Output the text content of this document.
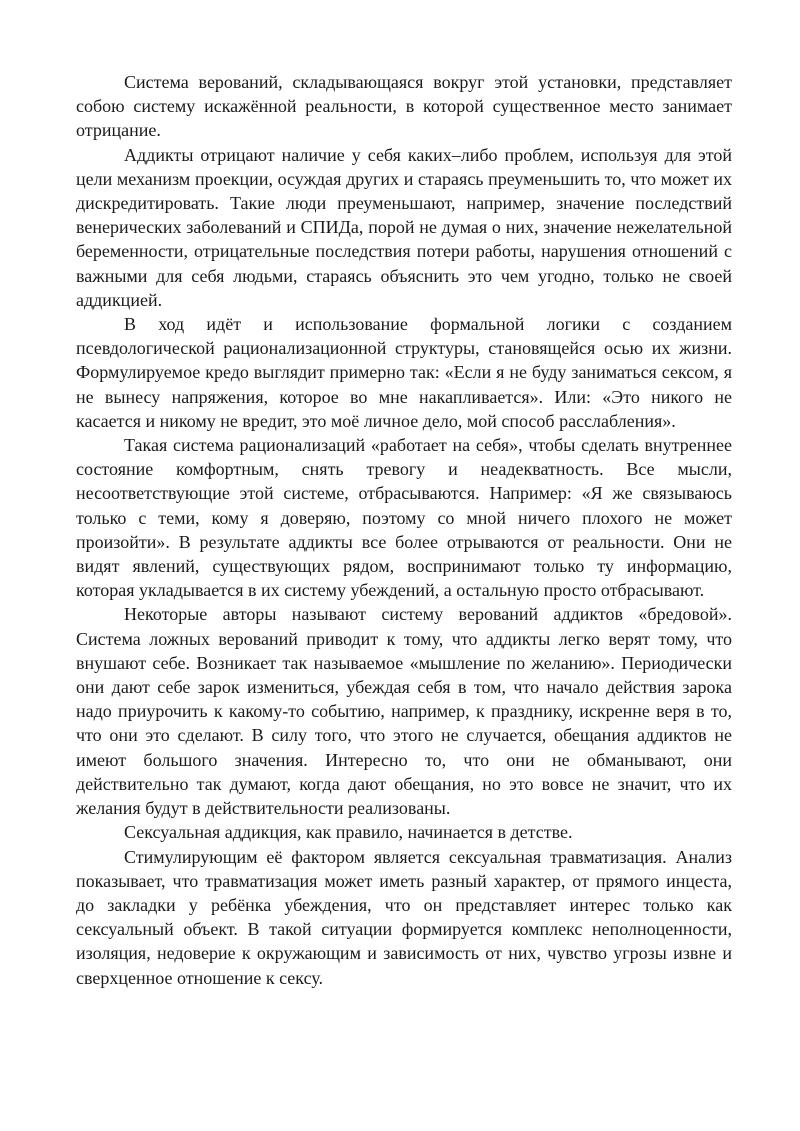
Система верований, складывающаяся вокруг этой установки, представляет собою систему искажённой реальности, в которой существенное место занимает отрицание.

Аддикты отрицают наличие у себя каких–либо проблем, используя для этой цели механизм проекции, осуждая других и стараясь преуменьшить то, что может их дискредитировать. Такие люди преуменьшают, например, значение последствий венерических заболеваний и СПИДа, порой не думая о них, значение нежелательной беременности, отрицательные последствия потери работы, нарушения отношений с важными для себя людьми, стараясь объяснить это чем угодно, только не своей аддикцией.

В ход идёт и использование формальной логики с созданием псевдологической рационализационной структуры, становящейся осью их жизни. Формулируемое кредо выглядит примерно так: «Если я не буду заниматься сексом, я не вынесу напряжения, которое во мне накапливается». Или: «Это никого не касается и никому не вредит, это моё личное дело, мой способ расслабления».

Такая система рационализаций «работает на себя», чтобы сделать внутреннее состояние комфортным, снять тревогу и неадекватность. Все мысли, несоответствующие этой системе, отбрасываются. Например: «Я же связываюсь только с теми, кому я доверяю, поэтому со мной ничего плохого не может произойти». В результате аддикты все более отрываются от реальности. Они не видят явлений, существующих рядом, воспринимают только ту информацию, которая укладывается в их систему убеждений, а остальную просто отбрасывают.

Некоторые авторы называют систему верований аддиктов «бредовой». Система ложных верований приводит к тому, что аддикты легко верят тому, что внушают себе. Возникает так называемое «мышление по желанию». Периодически они дают себе зарок измениться, убеждая себя в том, что начало действия зарока надо приурочить к какому-то событию, например, к празднику, искренне веря в то, что они это сделают. В силу того, что этого не случается, обещания аддиктов не имеют большого значения. Интересно то, что они не обманывают, они действительно так думают, когда дают обещания, но это вовсе не значит, что их желания будут в действительности реализованы.

Сексуальная аддикция, как правило, начинается в детстве.

Стимулирующим её фактором является сексуальная травматизация. Анализ показывает, что травматизация может иметь разный характер, от прямого инцеста, до закладки у ребёнка убеждения, что он представляет интерес только как сексуальный объект. В такой ситуации формируется комплекс неполноценности, изоляция, недоверие к окружающим и зависимость от них, чувство угрозы извне и сверхценное отношение к сексу.
